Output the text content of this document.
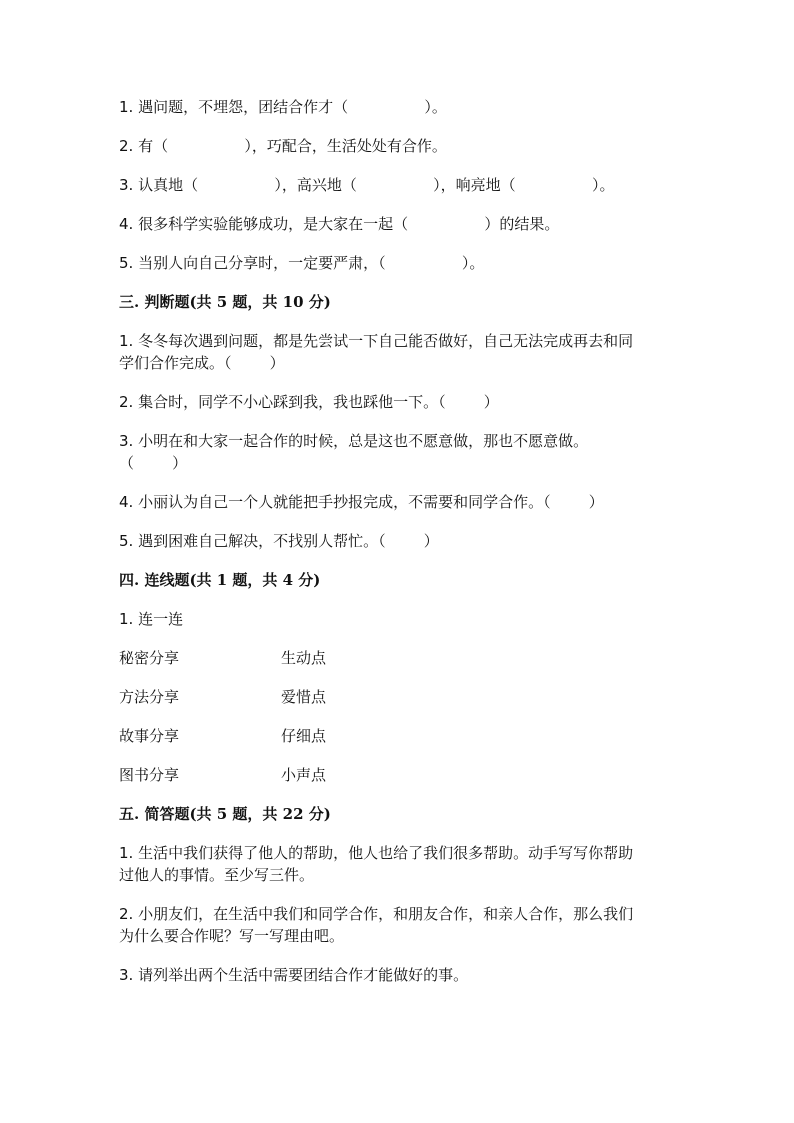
1. 遇问题，不埋怨，团结合作才（                ）。
2. 有（                ），巧配合，生活处处有合作。
3. 认真地（                ），高兴地（                ），响亮地（                ）。
4. 很多科学实验能够成功，是大家在一起（                ）的结果。
5. 当别人向自己分享时，一定要严肃，（                ）。
三. 判断题(共 5 题，共 10 分)
1. 冬冬每次遇到问题，都是先尝试一下自己能否做好，自己无法完成再去和同
学们合作完成。（        ）
2. 集合时，同学不小心踩到我，我也踩他一下。（        ）
3. 小明在和大家一起合作的时候，总是这也不愿意做，那也不愿意做。
（        ）
4. 小丽认为自己一个人就能把手抄报完成，不需要和同学合作。（        ）
5. 遇到困难自己解决，不找别人帮忙。（        ）
四. 连线题(共 1 题，共 4 分)
1. 连一连
秘密分享	生动点
方法分享	爱惜点
故事分享	仔细点
图书分享	小声点
五. 简答题(共 5 题，共 22 分)
1. 生活中我们获得了他人的帮助，他人也给了我们很多帮助。动手写写你帮助
过他人的事情。至少写三件。
2. 小朋友们，在生活中我们和同学合作，和朋友合作，和亲人合作，那么我们
为什么要合作呢？写一写理由吧。
3. 请列举出两个生活中需要团结合作才能做好的事。
